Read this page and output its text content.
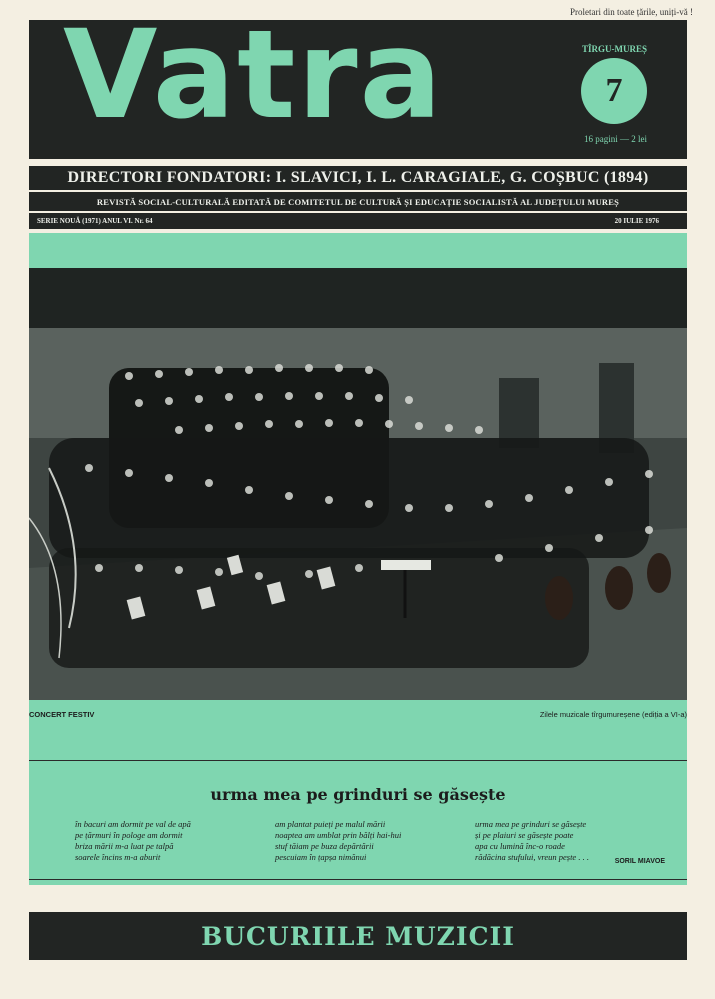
Proletari din toate țările, uniți-vă !
Vatra	TÎRGU-MUREȘ
7
16 pagini — 2 lei
DIRECTORI FONDATORI: I. SLAVICI, I. L. CARAGIALE, G. COȘBUC (1894)
REVISTĂ SOCIAL-CULTURALĂ EDITATĂ DE COMITETUL DE CULTURĂ ȘI EDUCAȚIE SOCIALISTĂ AL JUDEȚULUI MUREȘ
SERIE NOUĂ (1971) ANUL VI. Nr. 64	20 IULIE 1976
CONCERT FESTIV	Zilele muzicale tîrgumureșene (ediția a VI-a)
urma mea pe grinduri se găsește
în bacuri am dormit pe val de apă
pe țărmuri în pologe am dormit
briza mării m-a luat pe talpă
soarele încins m-a aburit
am plantat puieți pe malul mării
noaptea am umblat prin bălți hai-hui
stuf tăiam pe buza depărtării
pescuiam în țapșa nimănui
urma mea pe grinduri se găsește
și pe plaiuri se găsește poate
apa cu lumină înc-o roade
rădăcina stufului, vreun pește . . .	SORIL MIAVOE
BUCURIILE MUZICII
